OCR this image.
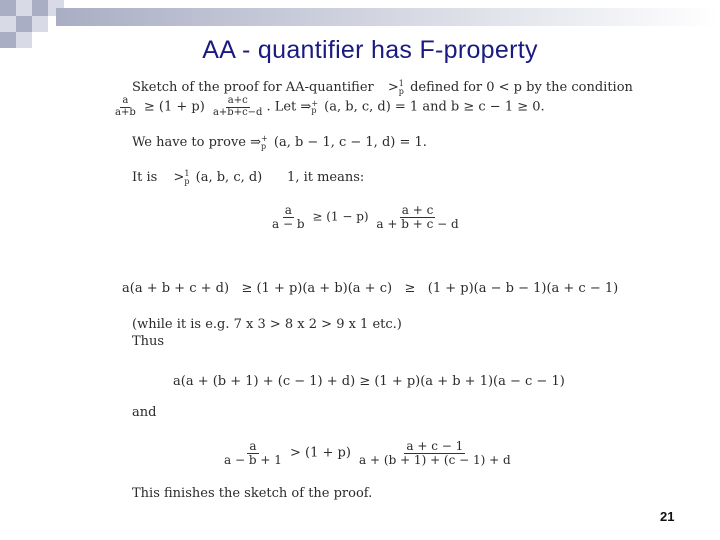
AA - quantifier has F-property
Sketch of the proof for AA-quantifier > 1
p defined for 0 < p by the condition
$\frac{a}{a+b} \ge (1 + p) \frac{a+c}{a+b+c-d}$ . Let ⇒ +
p (a, b, c, d) = 1 and b ≥ c − 1 ≥ 0.
We have to prove ⇒ +
p (a, b − 1, c − 1, d) = 1.
It is > 1
p (a, b, c, d)      1, it means:
$\frac{a}{a - b} \ge (1 - p) \frac{a + c}{a + b + c - d}$
a(a + b + c + d)   ≥ (1 + p)(a + b)(a + c)   ≥   (1 + p)(a − b − 1)(a + c − 1)
(while it is e.g. 7 x 3 > 8 x 2 > 9 x 1 etc.)
Thus
a(a + (b + 1) + (c − 1) + d) ≥ (1 + p)(a + b + 1)(a − c − 1)
and
$\frac{a}{a - b + 1} > (1 + p) \frac{a + c - 1}{a + (b + 1) + (c - 1) + d}$
This finishes the sketch of the proof.
21
